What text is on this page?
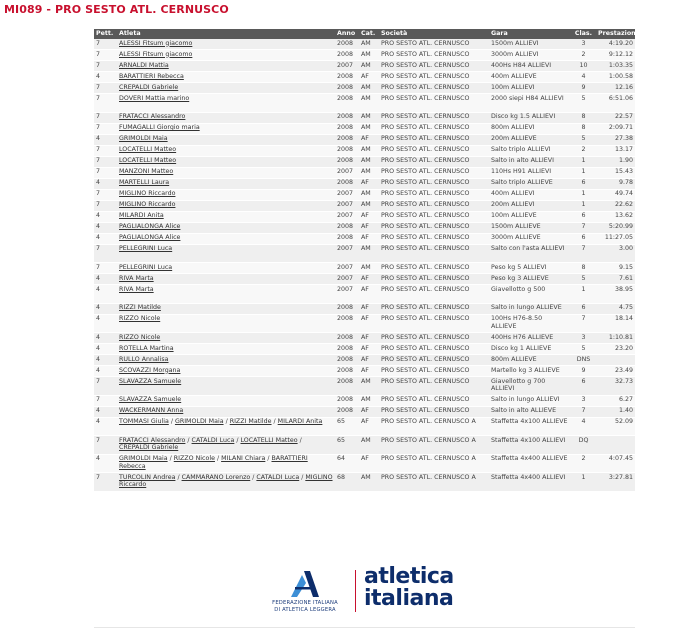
MI089 - PRO SESTO ATL. CERNUSCO
Pett.	Atleta	Anno	Cat.	Società	Gara	Clas.	Prestazione
7	ALESSI Fitsum giacomo	2008	AM	PRO SESTO ATL. CERNUSCO	1500m ALLIEVI	3	4:19.20
7	ALESSI Fitsum giacomo	2008	AM	PRO SESTO ATL. CERNUSCO	3000m ALLIEVI	2	9:12.12
7	ARNALDI Mattia	2007	AM	PRO SESTO ATL. CERNUSCO	400Hs H84 ALLIEVI	10	1:03.35
4	BARATTIERI Rebecca	2008	AF	PRO SESTO ATL. CERNUSCO	400m ALLIEVE	4	1:00.58
7	CREPALDI Gabriele	2008	AM	PRO SESTO ATL. CERNUSCO	100m ALLIEVI	9	12.16
7	DOVERI Mattia marino	2008	AM	PRO SESTO ATL. CERNUSCO	2000 siepi H84 ALLIEVI	5	6:51.06
7	FRATACCI Alessandro	2008	AM	PRO SESTO ATL. CERNUSCO	Disco kg 1.5 ALLIEVI	8	22.57
7	FUMAGALLI Giorgio maria	2008	AM	PRO SESTO ATL. CERNUSCO	800m ALLIEVI	8	2:09.71
4	GRIMOLDI Maia	2008	AF	PRO SESTO ATL. CERNUSCO	200m ALLIEVE	5	27.38
7	LOCATELLI Matteo	2008	AM	PRO SESTO ATL. CERNUSCO	Salto triplo ALLIEVI	2	13.17
7	LOCATELLI Matteo	2008	AM	PRO SESTO ATL. CERNUSCO	Salto in alto ALLIEVI	1	1.90
7	MANZONI Matteo	2007	AM	PRO SESTO ATL. CERNUSCO	110Hs H91 ALLIEVI	1	15.43
4	MARTELLI Laura	2008	AF	PRO SESTO ATL. CERNUSCO	Salto triplo ALLIEVE	6	9.78
7	MIGLINO Riccardo	2007	AM	PRO SESTO ATL. CERNUSCO	400m ALLIEVI	1	49.74
7	MIGLINO Riccardo	2007	AM	PRO SESTO ATL. CERNUSCO	200m ALLIEVI	1	22.62
4	MILARDI Anita	2007	AF	PRO SESTO ATL. CERNUSCO	100m ALLIEVE	6	13.62
4	PAGLIALONGA Alice	2008	AF	PRO SESTO ATL. CERNUSCO	1500m ALLIEVE	7	5:20.99
4	PAGLIALONGA Alice	2008	AF	PRO SESTO ATL. CERNUSCO	3000m ALLIEVE	6	11:27.05
7	PELLEGRINI Luca	2007	AM	PRO SESTO ATL. CERNUSCO	Salto con l'asta ALLIEVI	7	3.00
7	PELLEGRINI Luca	2007	AM	PRO SESTO ATL. CERNUSCO	Peso kg 5 ALLIEVI	8	9.15
4	RIVA Marta	2007	AF	PRO SESTO ATL. CERNUSCO	Peso kg 3 ALLIEVE	5	7.61
4	RIVA Marta	2007	AF	PRO SESTO ATL. CERNUSCO	Giavellotto g 500	1	38.95
4	RIZZI Matilde	2008	AF	PRO SESTO ATL. CERNUSCO	Salto in lungo ALLIEVE	6	4.75
4	RIZZO Nicole	2008	AF	PRO SESTO ATL. CERNUSCO	100Hs H76-8.50 ALLIEVE	7	18.14
4	RIZZO Nicole	2008	AF	PRO SESTO ATL. CERNUSCO	400Hs H76 ALLIEVE	3	1:10.81
4	ROTELLA Martina	2008	AF	PRO SESTO ATL. CERNUSCO	Disco kg 1 ALLIEVE	5	23.20
4	RULLO Annalisa	2008	AF	PRO SESTO ATL. CERNUSCO	800m ALLIEVE	DNS	
4	SCOVAZZI Morgana	2008	AF	PRO SESTO ATL. CERNUSCO	Martello kg 3 ALLIEVE	9	23.49
7	SLAVAZZA Samuele	2008	AM	PRO SESTO ATL. CERNUSCO	Giavellotto g 700 ALLIEVI	6	32.73
7	SLAVAZZA Samuele	2008	AM	PRO SESTO ATL. CERNUSCO	Salto in lungo ALLIEVI	3	6.27
4	WACKERMANN Anna	2008	AF	PRO SESTO ATL. CERNUSCO	Salto in alto ALLIEVE	7	1.40
4	TOMMASI Giulia / GRIMOLDI Maia / RIZZI Matilde / MILARDI Anita	65	AF	PRO SESTO ATL. CERNUSCO A	Staffetta 4x100 ALLIEVE	4	52.09
7	FRATACCI Alessandro / CATALDI Luca / LOCATELLI Matteo / CREPALDI Gabriele	65	AM	PRO SESTO ATL. CERNUSCO A	Staffetta 4x100 ALLIEVI	DQ	
4	GRIMOLDI Maia / RIZZO Nicole / MILANI Chiara / BARATTIERI Rebecca	64	AF	PRO SESTO ATL. CERNUSCO A	Staffetta 4x400 ALLIEVE	2	4:07.45
7	TURCOLIN Andrea / CAMMARANO Lorenzo / CATALDI Luca / MIGLINO Riccardo	68	AM	PRO SESTO ATL. CERNUSCO A	Staffetta 4x400 ALLIEVI	1	3:27.81
FEDERAZIONE ITALIANA
DI ATLETICA LEGGERA
atletica
italiana
